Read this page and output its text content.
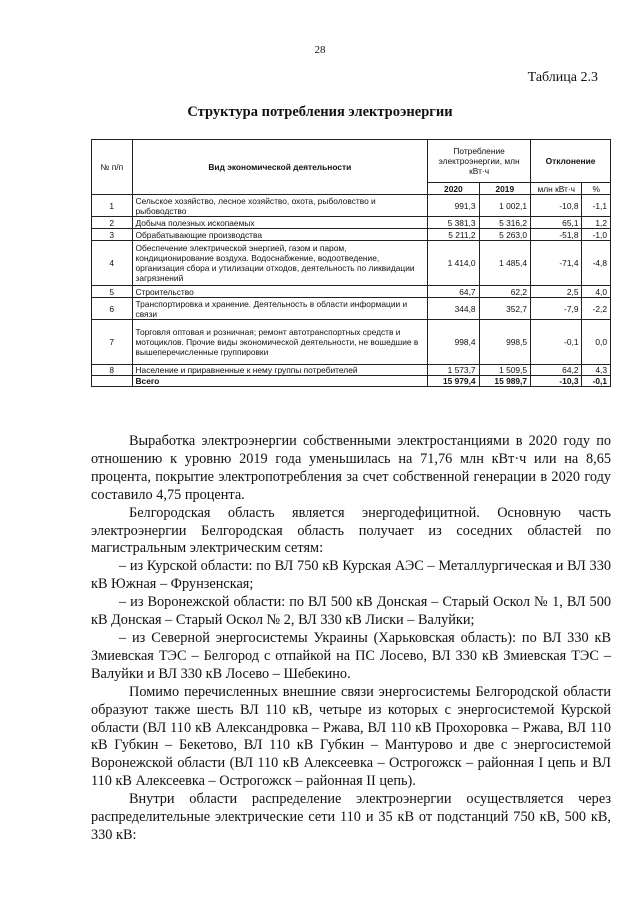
28
Таблица 2.3
Структура потребления электроэнергии
№ п/п	Вид экономической деятельности	Потребление электроэнергии, млн кВт·ч		Отклонение	
		2020	2019	млн кВт·ч	%
1	Сельское хозяйство, лесное хозяйство, охота, рыболовство и рыбоводство	991,3	1 002,1	-10,8	-1,1
2	Добыча полезных ископаемых	5 381,3	5 316,2	65,1	1,2
3	Обрабатывающие производства	5 211,2	5 263,0	-51,8	-1,0
4	Обеспечение электрической энергией, газом и паром, кондиционирование воздуха. Водоснабжение, водоотведение, организация сбора и утилизации отходов, деятельность по ликвидации загрязнений	1 414,0	1 485,4	-71,4	-4,8
5	Строительство	64,7	62,2	2,5	4,0
6	Транспортировка и хранение. Деятельность в области информации и связи	344,8	352,7	-7,9	-2,2
7	Торговля оптовая и розничная; ремонт автотранспортных средств и мотоциклов. Прочие виды экономической деятельности, не вошедшие в вышеперечисленные группировки	998,4	998,5	-0,1	0,0
8	Население и приравненные к нему группы потребителей	1 573,7	1 509,5	64,2	4,3
	Всего	15 979,4	15 989,7	-10,3	-0,1

Выработка электроэнергии собственными электростанциями в 2020 году по отношению к уровню 2019 года уменьшилась на 71,76 млн кВт·ч или на 8,65 процента, покрытие электропотребления за счет собственной генерации в 2020 году составило 4,75 процента.

Белгородская область является энергодефицитной. Основную часть электроэнергии Белгородская область получает из соседних областей по магистральным электрическим сетям:

– из Курской области: по ВЛ 750 кВ Курская АЭС – Металлургическая и ВЛ 330 кВ Южная – Фрунзенская;

– из Воронежской области: по ВЛ 500 кВ Донская – Старый Оскол № 1, ВЛ 500 кВ Донская – Старый Оскол № 2, ВЛ 330 кВ Лиски – Валуйки;

– из Северной энергосистемы Украины (Харьковская область): по ВЛ 330 кВ Змиевская ТЭС – Белгород с отпайкой на ПС Лосево, ВЛ 330 кВ Змиевская ТЭС – Валуйки и ВЛ 330 кВ Лосево – Шебекино.

Помимо перечисленных внешние связи энергосистемы Белгородской области образуют также шесть ВЛ 110 кВ, четыре из которых с энергосистемой Курской области (ВЛ 110 кВ Александровка – Ржава, ВЛ 110 кВ Прохоровка – Ржава, ВЛ 110 кВ Губкин – Бекетово, ВЛ 110 кВ Губкин – Мантурово и две с энергосистемой Воронежской области (ВЛ 110 кВ Алексеевка – Острогожск – районная I цепь и ВЛ 110 кВ Алексеевка – Острогожск – районная II цепь).

Внутри области распределение электроэнергии осуществляется через распределительные электрические сети 110 и 35 кВ от подстанций 750 кВ, 500 кВ, 330 кВ:
